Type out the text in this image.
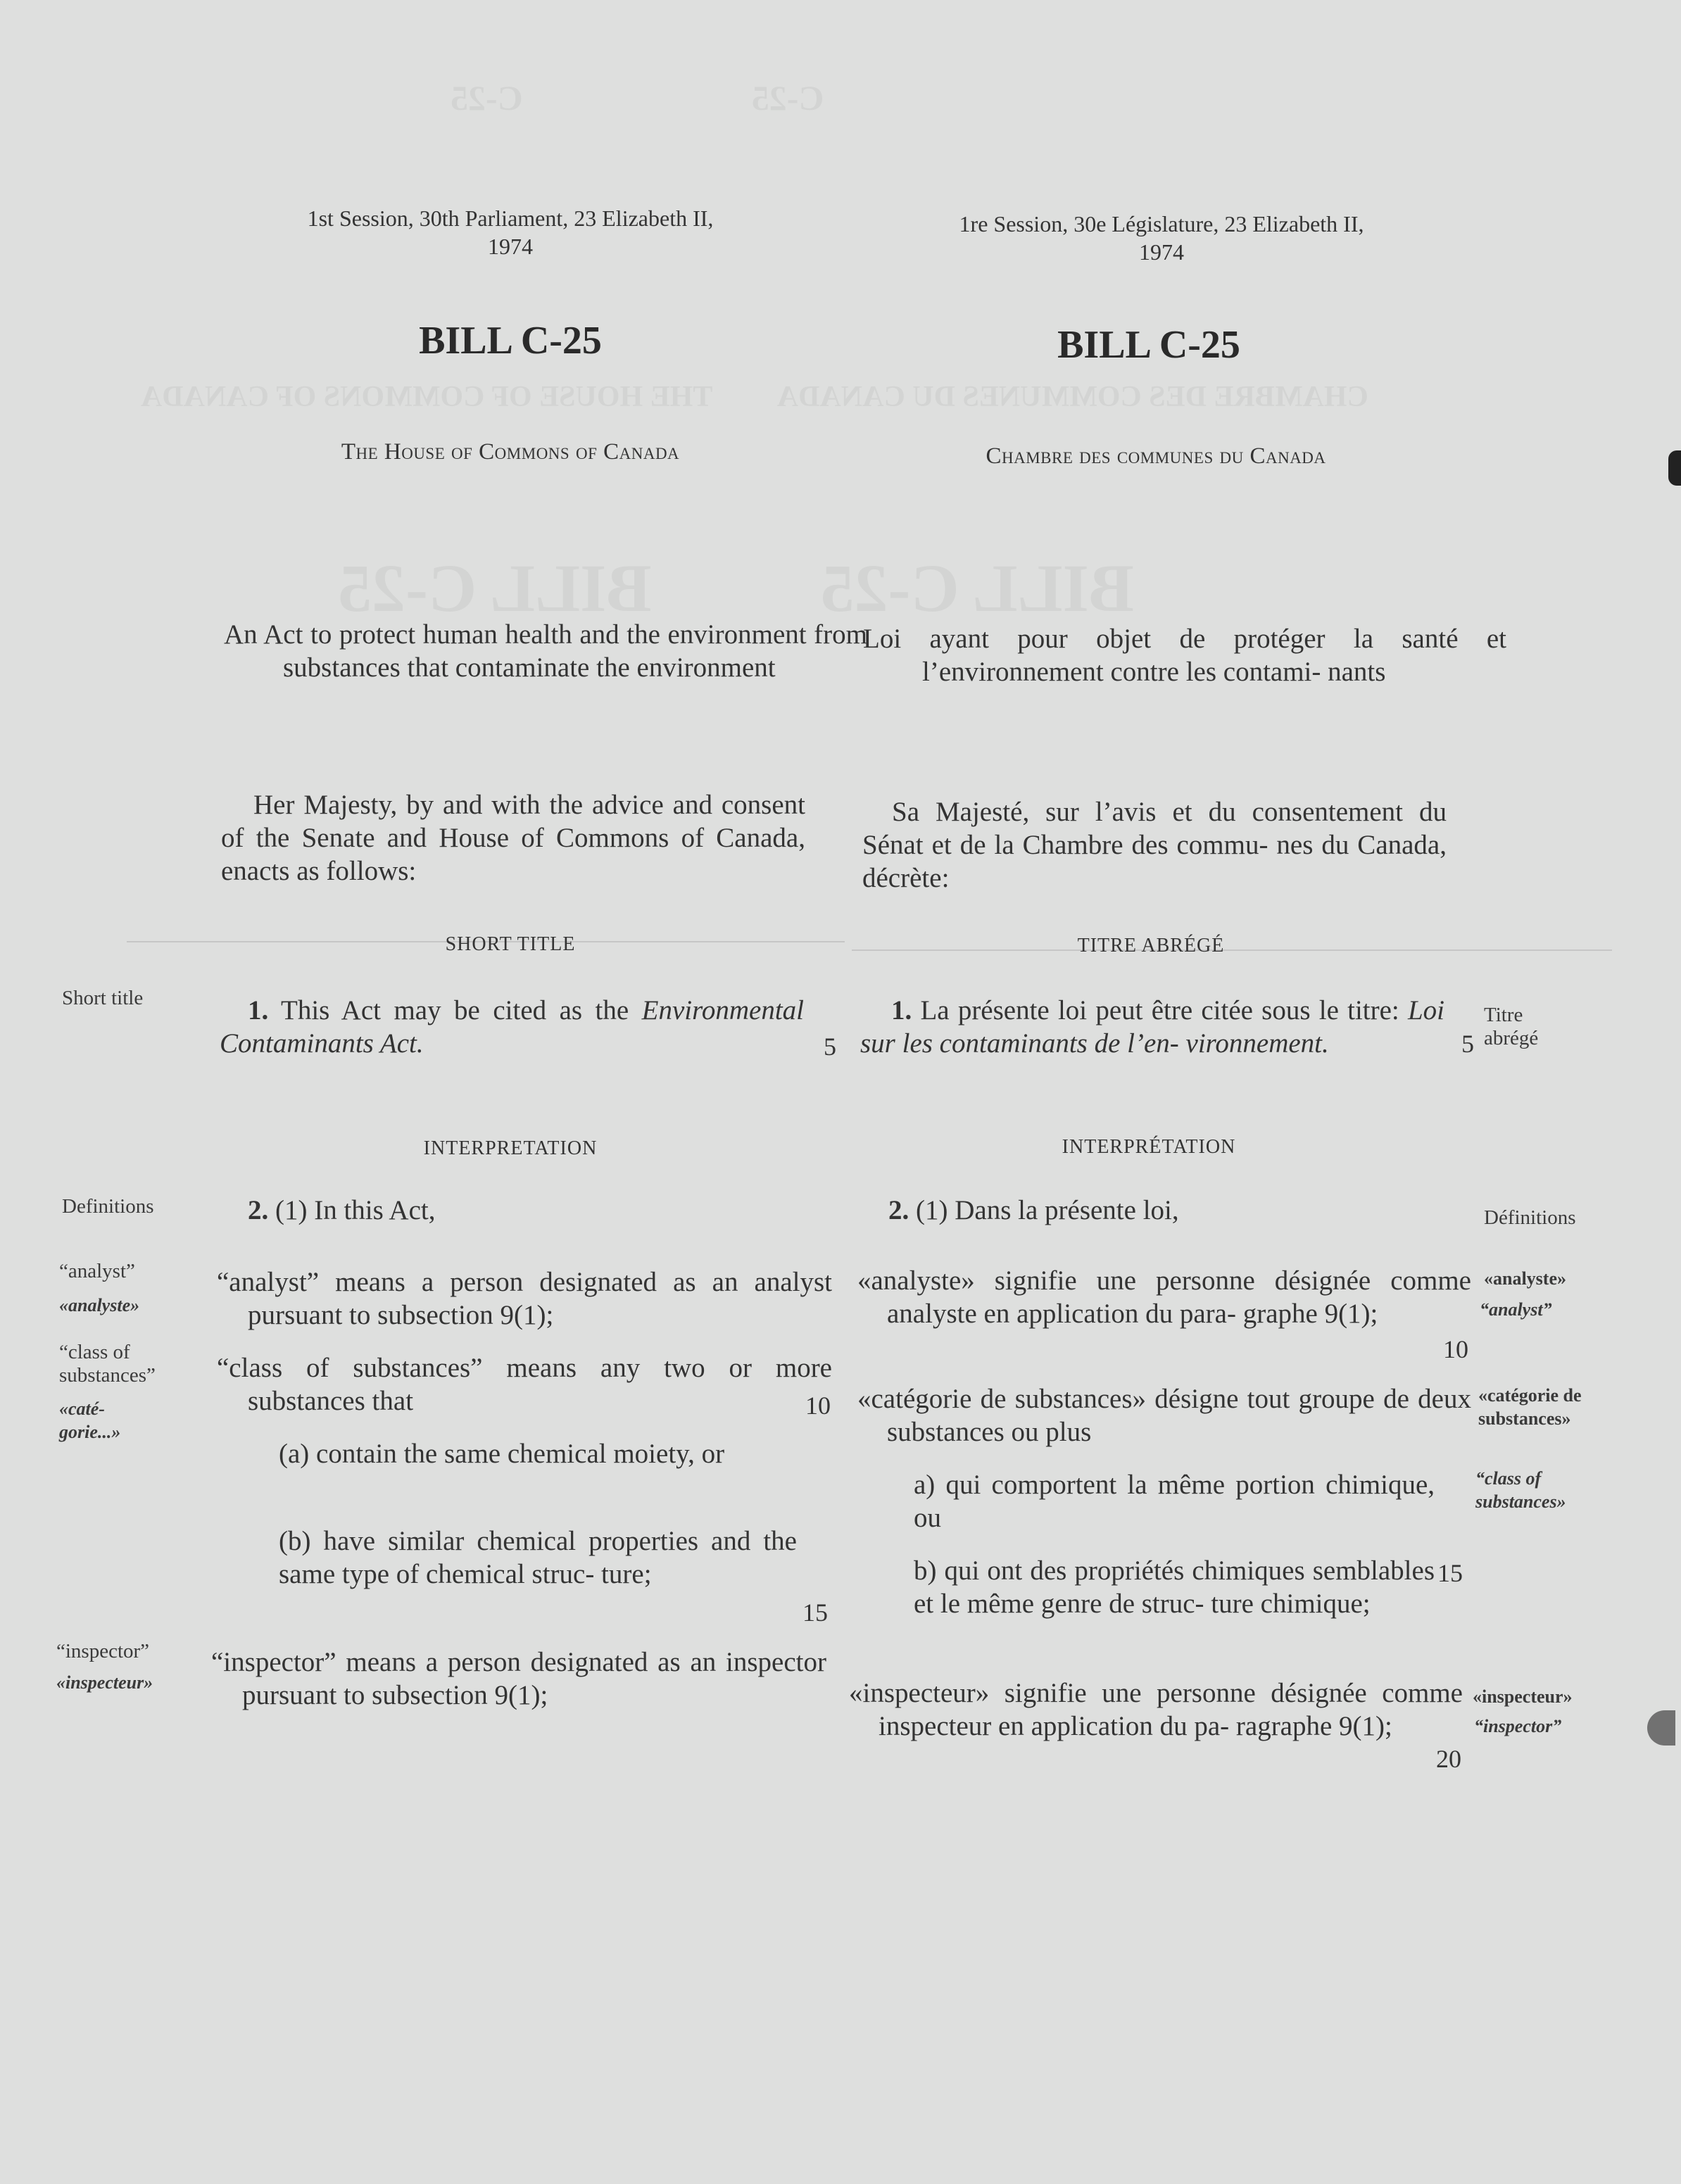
1st Session, 30th Parliament, 23 Elizabeth II,
1974
BILL C-25
The House of Commons of Canada
An Act to protect human health and the environment from substances that contaminate the environment
Her Majesty, by and with the advice and consent of the Senate and House of Commons of Canada, enacts as follows:
SHORT TITLE
Short title	1. This Act may be cited as the Environmental Contaminants Act.	5
INTERPRETATION
Definitions	2. (1) In this Act,
“analyst”
«analyste»
“analyst” means a person designated as an analyst pursuant to subsection 9(1);
“class of substances”
«caté- gorie...»
“class of substances” means any two or more substances that	10
(a) contain the same chemical moiety, or
(b) have similar chemical properties and the same type of chemical struc- ture;
15
“inspector”
«inspecteur»
“inspector” means a person designated as an inspector pursuant to subsection 9(1);
1re Session, 30e Législature, 23 Elizabeth II,
1974
BILL C-25
Chambre des communes du Canada
Loi ayant pour objet de protéger la santé et l’environnement contre les contami- nants
Sa Majesté, sur l’avis et du consentement du Sénat et de la Chambre des commu- nes du Canada, décrète:
TITRE ABRÉGÉ
1. La présente loi peut être citée sous le titre: Loi sur les contaminants de l’en- vironnement.	5
Titre abrégé
INTERPRÉTATION
2. (1) Dans la présente loi,	Définitions
«analyste» signifie une personne désignée comme analyste en application du para- graphe 9(1);
10
«analyste»
“analyst”
«catégorie de substances» désigne tout groupe de deux substances ou plus
«catégorie de substances»
“class of substances»
a) qui comportent la même portion chimique, ou
b) qui ont des propriétés chimiques semblables et le même genre de struc- ture chimique;
15
«inspecteur» signifie une personne désignée comme inspecteur en application du pa- ragraphe 9(1);
20
«inspecteur»
“inspector”
